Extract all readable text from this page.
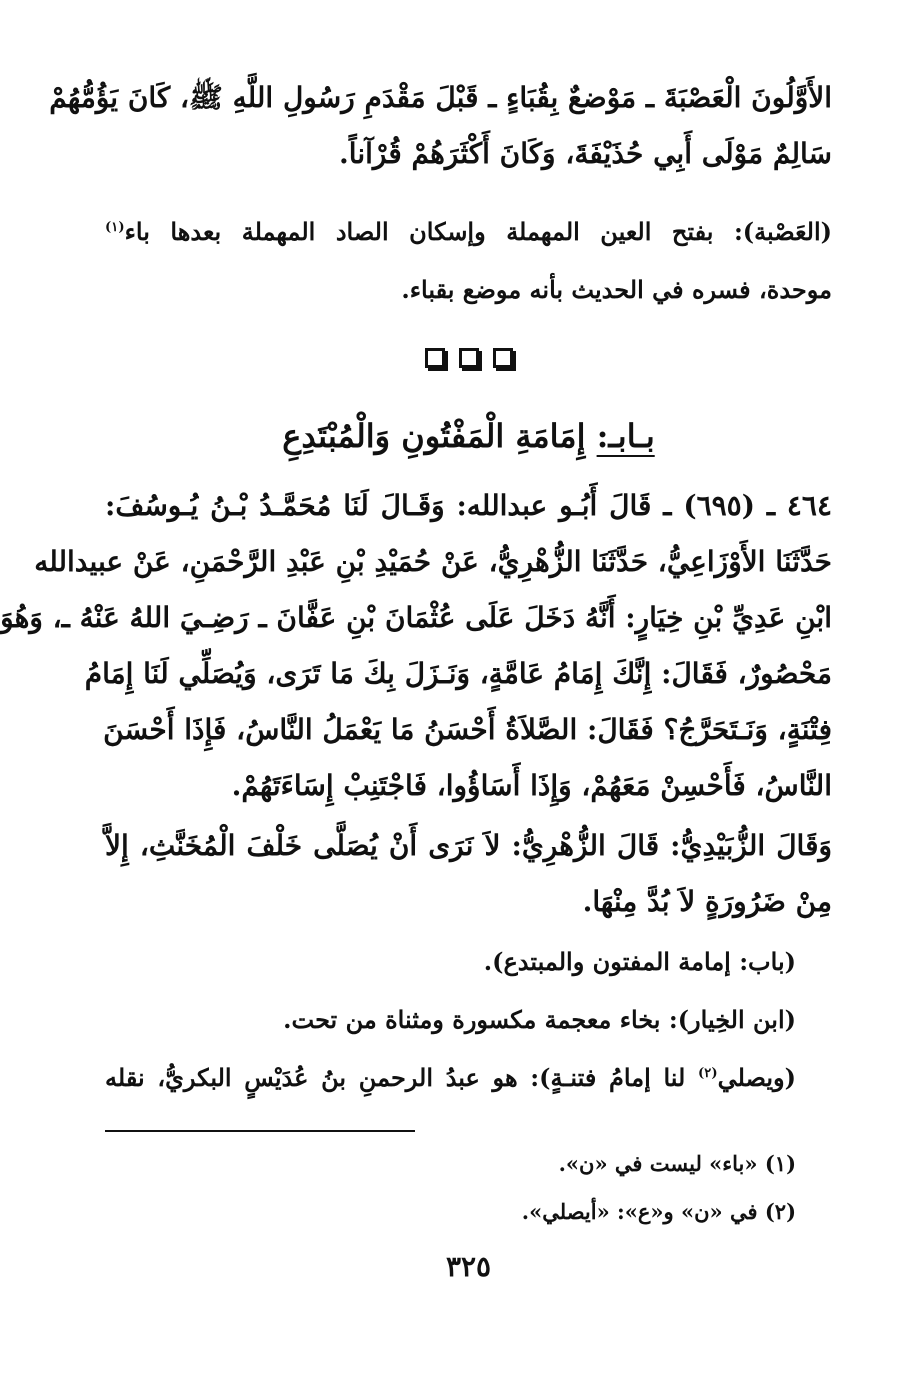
الأَوَّلُونَ الْعَصْبَةَ ـ مَوْضعٌ بِقُبَاءٍ ـ قَبْلَ مَقْدَمِ رَسُولِ اللَّهِ ﷺ، كَانَ يَؤُمُّهُمْ
سَالِمٌ مَوْلَى أَبِي حُذَيْفَةَ، وَكَانَ أَكْثَرَهُمْ قُرْآناً.
(العَصْبة): بفتح العين المهملة وإسكان الصاد المهملة بعدها باء$^{(١)}$
موحدة، فسره في الحديث بأنه موضع بقباء.
بـابـ: إِمَامَةِ الْمَفْتُونِ وَالْمُبْتَدِعِ
٤٦٤ ـ (٦٩٥) ـ قَالَ أَبُـو عبدالله: وَقَـالَ لَنَا مُحَمَّـدُ بْـنُ يُـوسُفَ:
حَدَّثَنَا الأَوْزَاعِيُّ، حَدَّثَنَا الزُّهْرِيُّ، عَنْ حُمَيْدِ بْنِ عَبْدِ الرَّحْمَنِ، عَنْ عبيدالله
ابْنِ عَدِيِّ بْنِ خِيَارٍ: أَنَّهُ دَخَلَ عَلَى عُثْمَانَ بْنِ عَفَّانَ ـ رَضِـيَ اللهُ عَنْهُ ـ، وَهُوَ
مَحْصُورٌ، فَقَالَ: إِنَّكَ إِمَامُ عَامَّةٍ، وَنَـزَلَ بِكَ مَا تَرَى، وَيُصَلِّي لَنَا إِمَامُ
فِتْنَةٍ، وَنَـتَحَرَّجُ؟ فَقَالَ: الصَّلاَةُ أَحْسَنُ مَا يَعْمَلُ النَّاسُ، فَإِذَا أَحْسَنَ
النَّاسُ، فَأَحْسِنْ مَعَهُمْ، وَإِذَا أَسَاؤُوا، فَاجْتَنِبْ إِسَاءَتَهُمْ.
وَقَالَ الزُّبَيْدِيُّ: قَالَ الزُّهْرِيُّ: لاَ نَرَى أَنْ يُصَلَّى خَلْفَ الْمُخَنَّثِ، إِلاَّ
مِنْ ضَرُورَةٍ لاَ بُدَّ مِنْهَا.
(باب: إمامة المفتون والمبتدع).
(ابن الخِيار): بخاء معجمة مكسورة ومثناة من تحت.
(ويصلي$^{(٢)}$ لنا إمامُ فتنـةٍ): هو عبدُ الرحمنِ بنُ عُدَيْسٍ البكريُّ، نقله
(١) «باء» ليست في «ن».
(٢) في «ن» و«ع»: «أيصلي».
٣٢٥
